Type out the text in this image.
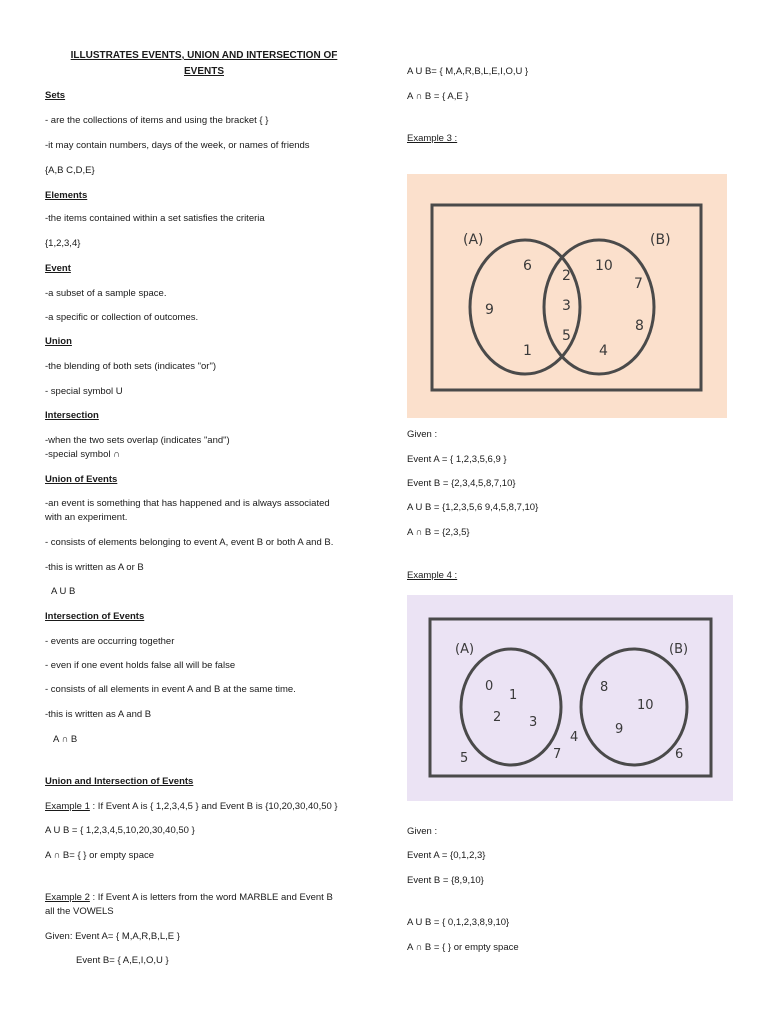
ILLUSTRATES EVENTS, UNION AND INTERSECTION OF
EVENTS
Sets
- are the collections of items and using the bracket { }
-it may contain numbers, days of the week, or names of friends
{A,B C,D,E}
Elements
-the items contained within a set satisfies the criteria
{1,2,3,4}
Event
-a subset of a sample space.
-a specific or collection of outcomes.
Union
-the blending of both sets (indicates "or")
- special symbol U
Intersection
-when the two sets overlap (indicates "and")
-special symbol ∩
Union of Events
-an event is something that has happened and is always associated
with an experiment.
- consists of elements belonging to event A, event B or both A and B.
-this is written as A or B
A U B
Intersection of Events
- events are occurring together
- even if one event holds false all will be false
- consists of all elements in event A and B at the same time.
-this is written as A and B
A ∩ B
Union and Intersection of Events
Example 1 : If Event A is { 1,2,3,4,5 } and Event B is {10,20,30,40,50 }
A U B = { 1,2,3,4,5,10,20,30,40,50 }
A ∩ B= { } or empty space
Example 2 : If Event A is letters from the word MARBLE and Event B
all the VOWELS
Given: Event A= { M,A,R,B,L,E }
Event B= { A,E,I,O,U }
A U B= { M,A,R,B,L,E,I,O,U }
A ∩ B = { A,E }
Example 3 :
(A)	(B)
6
9
1
2
3
5
10
7
8
4
Given :
Event A = { 1,2,3,5,6,9 }
Event B = {2,3,4,5,8,7,10}
A U B = {1,2,3,5,6 9,4,5,8,7,10}
A ∩ B = {2,3,5}
Example 4 :
(A)	(B)
0
1
2 3
8
10
9
4
5	7	6
Given :
Event A = {0,1,2,3}
Event B = {8,9,10}
A U B = { 0,1,2,3,8,9,10}
A ∩ B = { } or empty space
